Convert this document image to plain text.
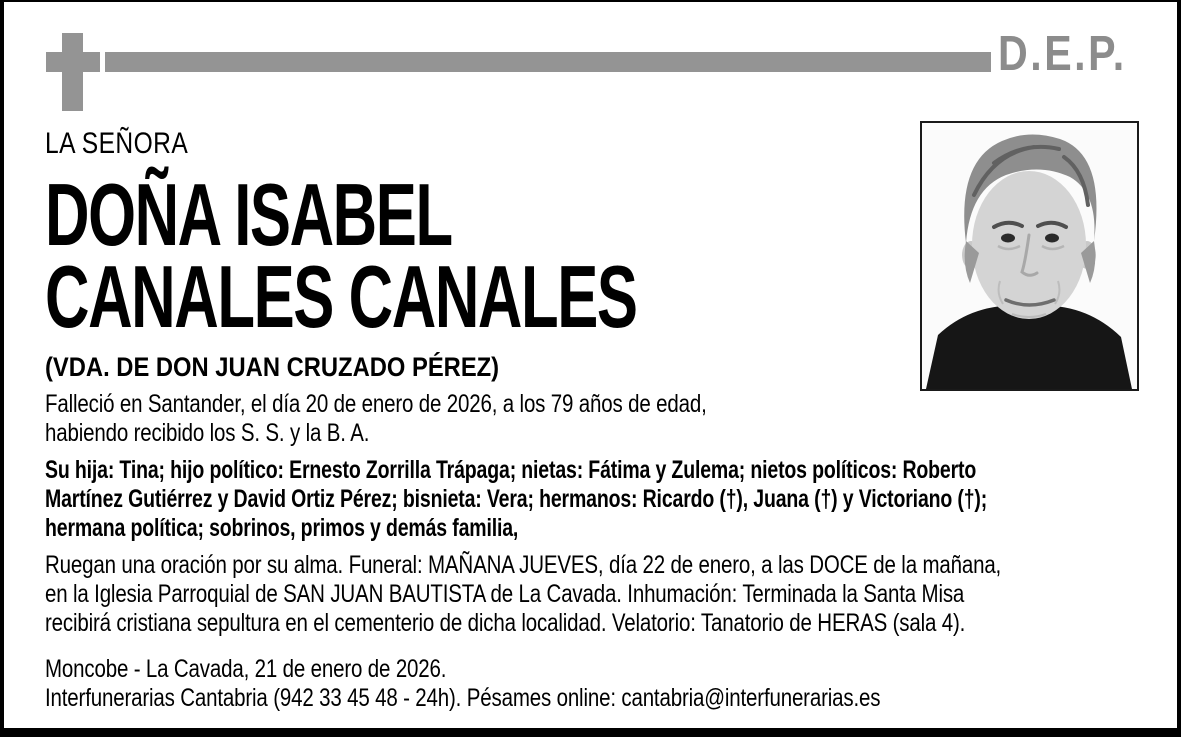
D.E.P.
LA SEÑORA
DOÑA ISABEL
CANALES CANALES
(VDA. DE DON JUAN CRUZADO PÉREZ)

Falleció en Santander, el día 20 de enero de 2026, a los 79 años de edad,
habiendo recibido los S. S. y la B. A.

Su hija: Tina; hijo político: Ernesto Zorrilla Trápaga; nietas: Fátima y Zulema; nietos políticos: Roberto
Martínez Gutiérrez y David Ortiz Pérez; bisnieta: Vera; hermanos: Ricardo (†), Juana (†) y Victoriano (†);
hermana política; sobrinos, primos y demás familia,

Ruegan una oración por su alma. Funeral: MAÑANA JUEVES, día 22 de enero, a las DOCE de la mañana,
en la Iglesia Parroquial de SAN JUAN BAUTISTA de La Cavada. Inhumación: Terminada la Santa Misa
recibirá cristiana sepultura en el cementerio de dicha localidad. Velatorio: Tanatorio de HERAS (sala 4).

Moncobe - La Cavada, 21 de enero de 2026.
Interfunerarias Cantabria (942 33 45 48 - 24h). Pésames online: cantabria@interfunerarias.es
